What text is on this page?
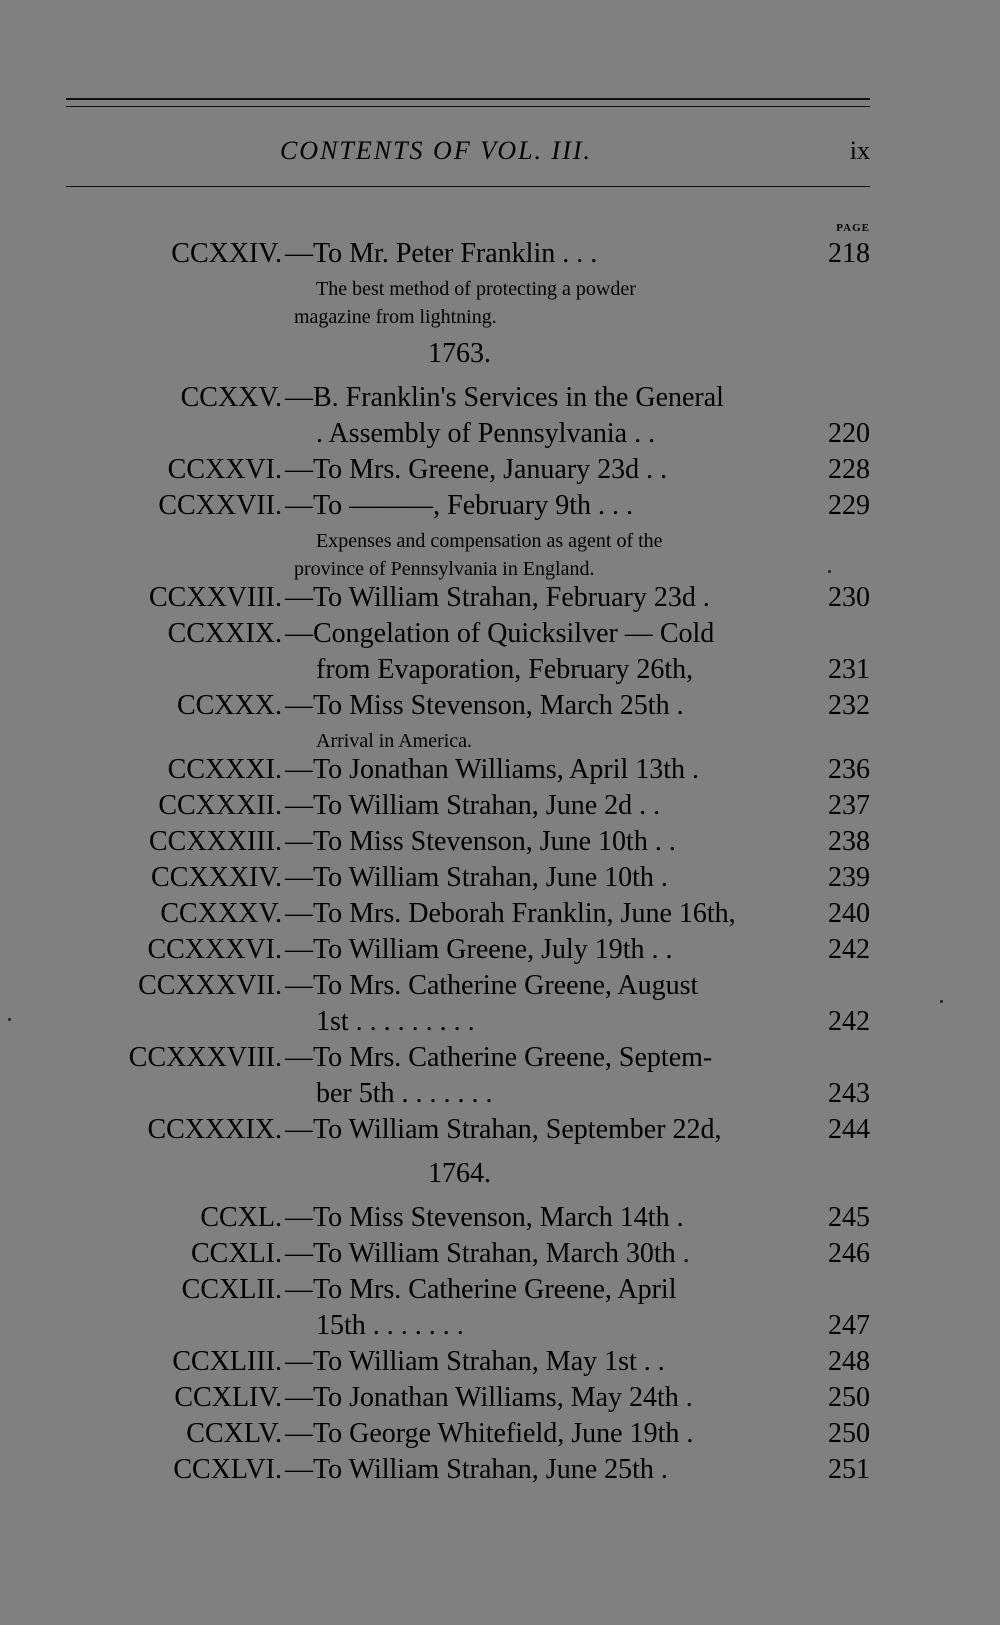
CONTENTS OF VOL. III.	ix
PAGE
CCXXIV. —To Mr. Peter Franklin . . .	218
The best method of protecting a powder
magazine from lightning.
1763.
CCXXV. —B. Franklin's Services in the General
. Assembly of Pennsylvania . .	220
CCXXVI. —To Mrs. Greene, January 23d . .	228
CCXXVII. —To ———, February 9th . . .	229
Expenses and compensation as agent of the
province of Pennsylvania in England.
CCXXVIII. —To William Strahan, February 23d .	230
CCXXIX. —Congelation of Quicksilver — Cold
from Evaporation, February 26th,	231
CCXXX. —To Miss Stevenson, March 25th .	232
Arrival in America.
CCXXXI. —To Jonathan Williams, April 13th .	236
CCXXXII. —To William Strahan, June 2d . .	237
CCXXXIII. —To Miss Stevenson, June 10th . .	238
CCXXXIV. —To William Strahan, June 10th .	239
CCXXXV. —To Mrs. Deborah Franklin, June 16th,	240
CCXXXVI. —To William Greene, July 19th . .	242
CCXXXVII. —To Mrs. Catherine Greene, August
1st . . . . . . . . .	242
CCXXXVIII. —To Mrs. Catherine Greene, Septem-
ber 5th . . . . . . .	243
CCXXXIX. —To William Strahan, September 22d,	244
1764.
CCXL. —To Miss Stevenson, March 14th .	245
CCXLI. —To William Strahan, March 30th .	246
CCXLII. —To Mrs. Catherine Greene, April
15th . . . . . . .	247
CCXLIII. —To William Strahan, May 1st . .	248
CCXLIV. —To Jonathan Williams, May 24th .	250
CCXLV. —To George Whitefield, June 19th .	250
CCXLVI. —To William Strahan, June 25th .	251
